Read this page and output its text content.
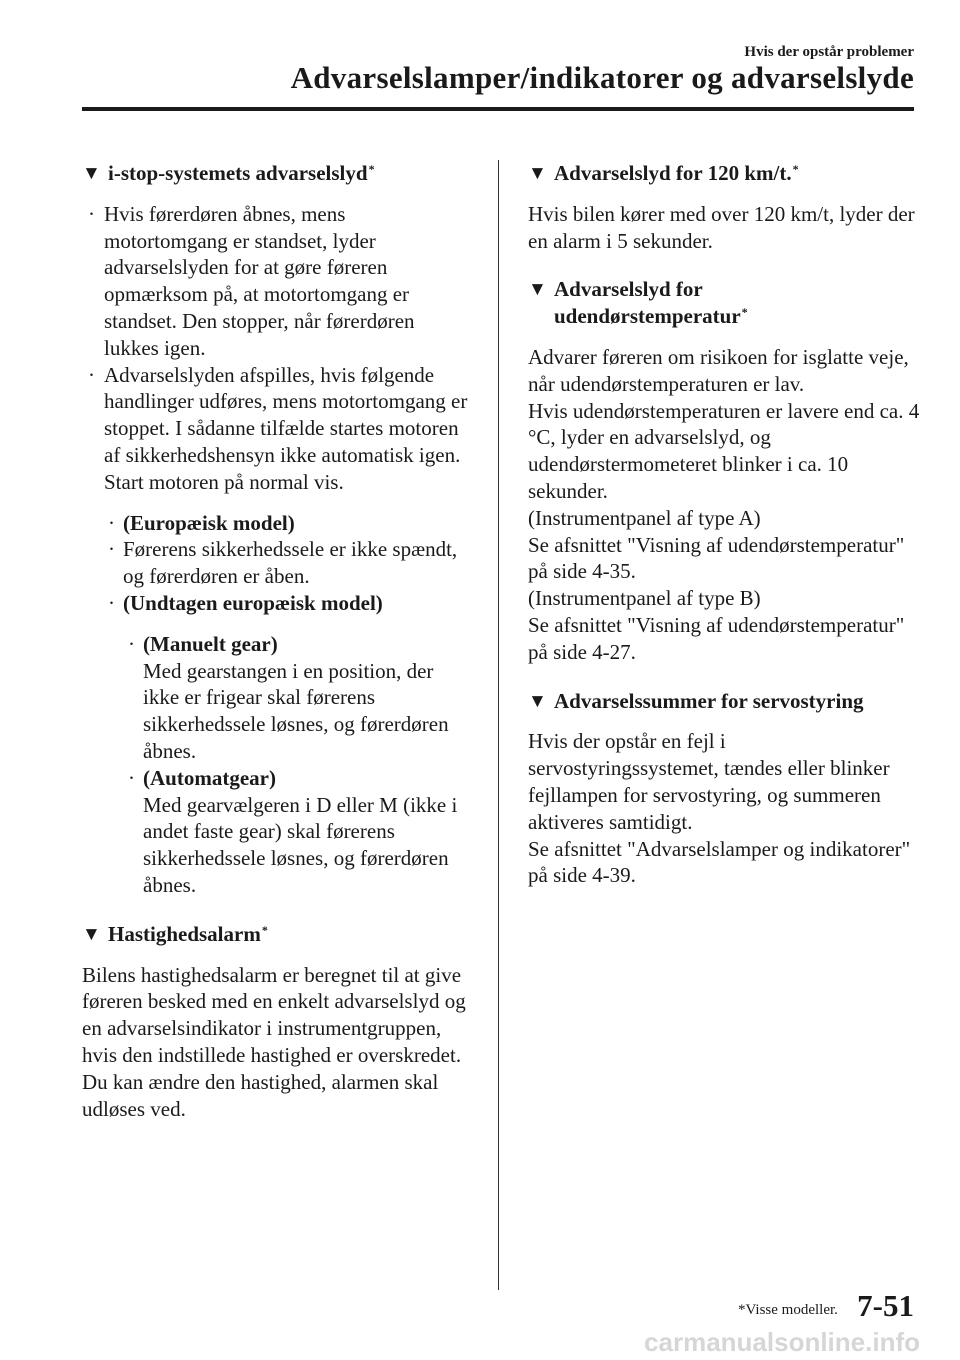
Hvis der opstår problemer
Advarselslamper/indikatorer og advarselslyde
▼ i-stop-systemets advarselslyd*

· Hvis førerdøren åbnes, mens motortomgang er standset, lyder advarselslyden for at gøre føreren opmærksom på, at motortomgang er standset. Den stopper, når førerdøren lukkes igen.

· Advarselslyden afspilles, hvis følgende handlinger udføres, mens motortomgang er stoppet. I sådanne tilfælde startes motoren af sikkerhedshensyn ikke automatisk igen. Start motoren på normal vis.

· (Europæisk model)

· Førerens sikkerhedssele er ikke spændt, og førerdøren er åben.

· (Undtagen europæisk model)

· (Manuelt gear)

Med gearstangen i en position, der ikke er frigear skal førerens sikkerhedssele løsnes, og førerdøren åbnes.

· (Automatgear)

Med gearvælgeren i D eller M (ikke i andet faste gear) skal førerens sikkerhedssele løsnes, og førerdøren åbnes.

▼ Hastighedsalarm*

Bilens hastighedsalarm er beregnet til at give føreren besked med en enkelt advarselslyd og en advarselsindikator i instrumentgruppen, hvis den indstillede hastighed er overskredet.

Du kan ændre den hastighed, alarmen skal udløses ved.

▼ Advarselslyd for 120 km/t.*

Hvis bilen kører med over 120 km/t, lyder der en alarm i 5 sekunder.

▼ Advarselslyd for
udendørstemperatur*

Advarer føreren om risikoen for isglatte veje, når udendørstemperaturen er lav.

Hvis udendørstemperaturen er lavere end ca. 4 °C, lyder en advarselslyd, og udendørstermometeret blinker i ca. 10 sekunder.

(Instrumentpanel af type A)

Se afsnittet "Visning af udendørstemperatur" på side 4-35.

(Instrumentpanel af type B)

Se afsnittet "Visning af udendørstemperatur" på side 4-27.

▼ Advarselssummer for servostyring

Hvis der opstår en fejl i servostyringssystemet, tændes eller blinker fejllampen for servostyring, og summeren aktiveres samtidigt.

Se afsnittet "Advarselslamper og indikatorer" på side 4-39.

*Visse modeller. 7-51
carmanualsonline.info
